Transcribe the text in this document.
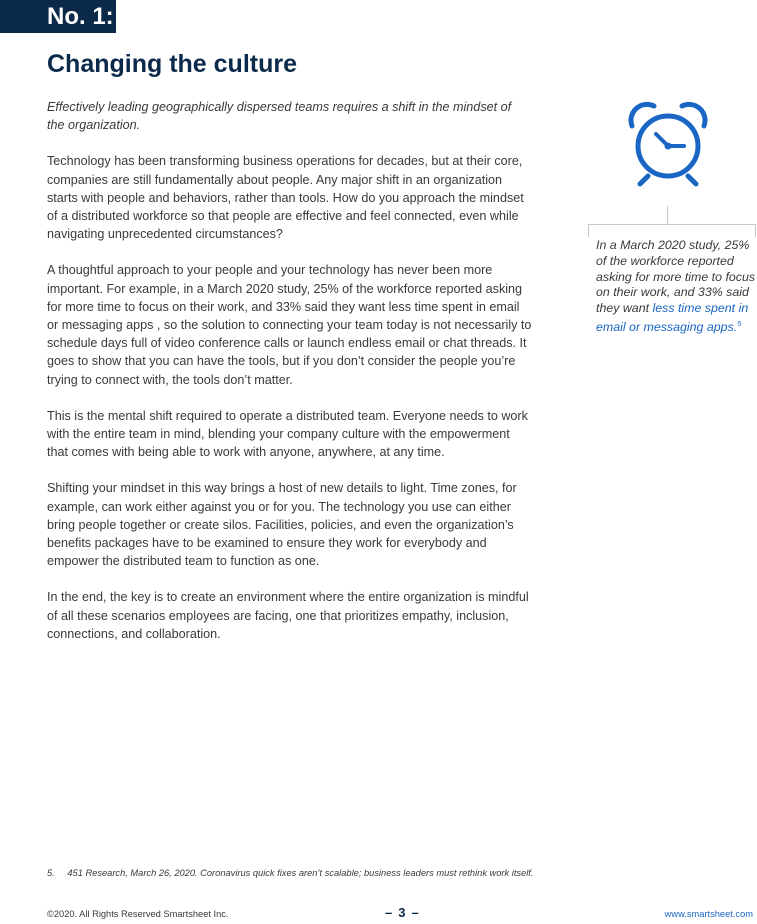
No. 1:
Changing the culture

Effectively leading geographically dispersed teams requires a shift in the mindset of the organization.

Technology has been transforming business operations for decades, but at their core, companies are still fundamentally about people. Any major shift in an organization starts with people and behaviors, rather than tools. How do you approach the mindset of a distributed workforce so that people are effective and feel connected, even while navigating unprecedented circumstances?

A thoughtful approach to your people and your technology has never been more important. For example, in a March 2020 study, 25% of the workforce reported asking for more time to focus on their work, and 33% said they want less time spent in email or messaging apps , so the solution to connecting your team today is not necessarily to schedule days full of video conference calls or launch endless email or chat threads. It goes to show that you can have the tools, but if you don’t consider the people you’re trying to connect with, the tools don’t matter.

This is the mental shift required to operate a distributed team. Everyone needs to work with the entire team in mind, blending your company culture with the empowerment that comes with being able to work with anyone, anywhere, at any time.

Shifting your mindset in this way brings a host of new details to light. Time zones, for example, can work either against you or for you. The technology you use can either bring people together or create silos. Facilities, policies, and even the organization’s benefits packages have to be examined to ensure they work for everybody and empower the distributed team to function as one.

In the end, the key is to create an environment where the entire organization is mindful of all these scenarios employees are facing, one that prioritizes empathy, inclusion, connections, and collaboration.

In a March 2020 study, 25% of the workforce reported asking for more time to focus on their work, and 33% said they want less time spent in email or messaging apps.$^5$
5. 451 Research, March 26, 2020. Coronavirus quick fixes aren’t scalable; business leaders must rethink work itself.
©2020. All Rights Reserved Smartsheet Inc.	– 3 –	www.smartsheet.com
